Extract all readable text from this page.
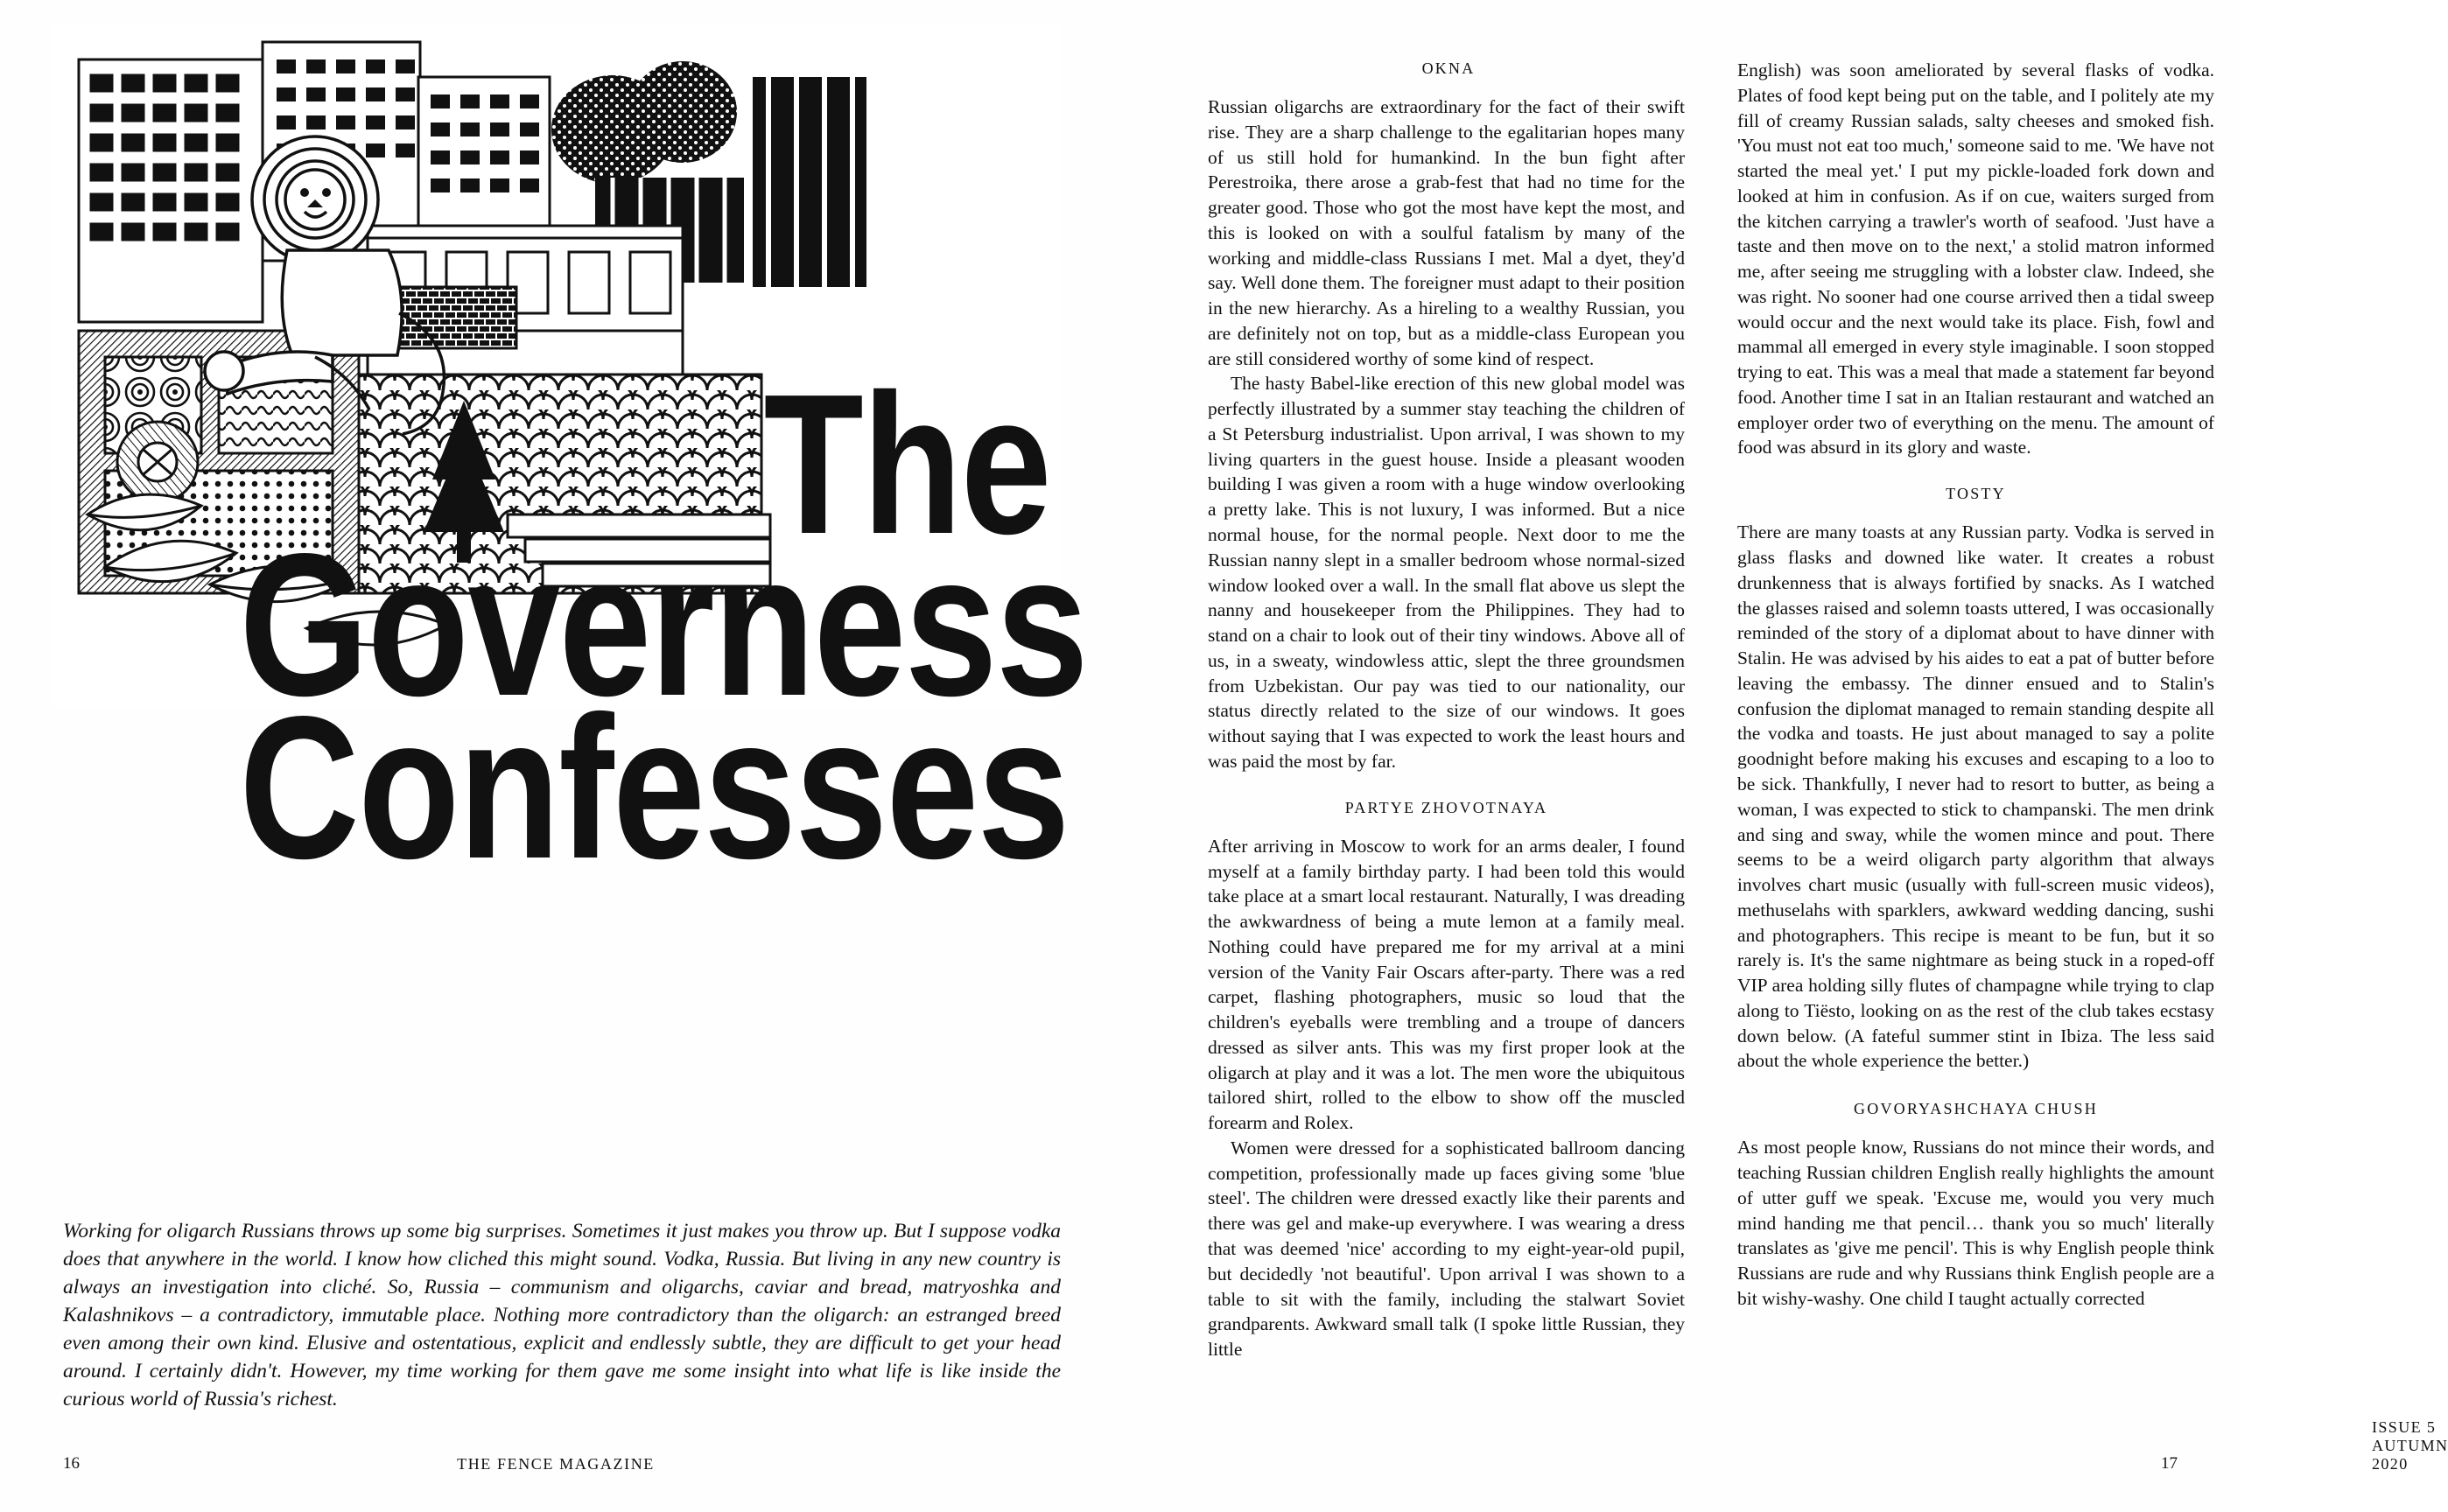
The
Governess
Confesses
Working for oligarch Russians throws up some big surprises. Sometimes it just makes you throw up. But I suppose vodka does that anywhere in the world. I know how cliched this might sound. Vodka, Russia. But living in any new country is always an investigation into cliché. So, Russia – communism and oligarchs, caviar and bread, matryoshka and Kalashnikovs – a contradictory, immutable place. Nothing more contradictory than the oligarch: an estranged breed even among their own kind. Elusive and ostentatious, explicit and endlessly subtle, they are difficult to get your head around. I certainly didn't. However, my time working for them gave me some insight into what life is like inside the curious world of Russia's richest.
16	THE FENCE MAGAZINE
OKNA

Russian oligarchs are extraordinary for the fact of their swift rise. They are a sharp challenge to the egalitarian hopes many of us still hold for humankind. In the bun fight after Perestroika, there arose a grab-fest that had no time for the greater good. Those who got the most have kept the most, and this is looked on with a soulful fatalism by many of the working and middle-class Russians I met. Mal a dyet, they'd say. Well done them. The foreigner must adapt to their position in the new hierarchy. As a hireling to a wealthy Russian, you are definitely not on top, but as a middle-class European you are still considered worthy of some kind of respect.

The hasty Babel-like erection of this new global model was perfectly illustrated by a summer stay teaching the children of a St Petersburg industrialist. Upon arrival, I was shown to my living quarters in the guest house. Inside a pleasant wooden building I was given a room with a huge window overlooking a pretty lake. This is not luxury, I was informed. But a nice normal house, for the normal people. Next door to me the Russian nanny slept in a smaller bedroom whose normal-sized window looked over a wall. In the small flat above us slept the nanny and housekeeper from the Philippines. They had to stand on a chair to look out of their tiny windows. Above all of us, in a sweaty, windowless attic, slept the three groundsmen from Uzbekistan. Our pay was tied to our nationality, our status directly related to the size of our windows. It goes without saying that I was expected to work the least hours and was paid the most by far.

PARTYE ZHOVOTNAYA

After arriving in Moscow to work for an arms dealer, I found myself at a family birthday party. I had been told this would take place at a smart local restaurant. Naturally, I was dreading the awkwardness of being a mute lemon at a family meal. Nothing could have prepared me for my arrival at a mini version of the Vanity Fair Oscars after-party. There was a red carpet, flashing photographers, music so loud that the children's eyeballs were trembling and a troupe of dancers dressed as silver ants. This was my first proper look at the oligarch at play and it was a lot. The men wore the ubiquitous tailored shirt, rolled to the elbow to show off the muscled forearm and Rolex.

Women were dressed for a sophisticated ballroom dancing competition, professionally made up faces giving some 'blue steel'. The children were dressed exactly like their parents and there was gel and make-up everywhere. I was wearing a dress that was deemed 'nice' according to my eight-year-old pupil, but decidedly 'not beautiful'. Upon arrival I was shown to a table to sit with the family, including the stalwart Soviet grandparents. Awkward small talk (I spoke little Russian, they little

English) was soon ameliorated by several flasks of vodka. Plates of food kept being put on the table, and I politely ate my fill of creamy Russian salads, salty cheeses and smoked fish. 'You must not eat too much,' someone said to me. 'We have not started the meal yet.' I put my pickle-loaded fork down and looked at him in confusion. As if on cue, waiters surged from the kitchen carrying a trawler's worth of seafood. 'Just have a taste and then move on to the next,' a stolid matron informed me, after seeing me struggling with a lobster claw. Indeed, she was right. No sooner had one course arrived then a tidal sweep would occur and the next would take its place. Fish, fowl and mammal all emerged in every style imaginable. I soon stopped trying to eat. This was a meal that made a statement far beyond food. Another time I sat in an Italian restaurant and watched an employer order two of everything on the menu. The amount of food was absurd in its glory and waste.

TOSTY

There are many toasts at any Russian party. Vodka is served in glass flasks and downed like water. It creates a robust drunkenness that is always fortified by snacks. As I watched the glasses raised and solemn toasts uttered, I was occasionally reminded of the story of a diplomat about to have dinner with Stalin. He was advised by his aides to eat a pat of butter before leaving the embassy. The dinner ensued and to Stalin's confusion the diplomat managed to remain standing despite all the vodka and toasts. He just about managed to say a polite goodnight before making his excuses and escaping to a loo to be sick. Thankfully, I never had to resort to butter, as being a woman, I was expected to stick to champanski. The men drink and sing and sway, while the women mince and pout. There seems to be a weird oligarch party algorithm that always involves chart music (usually with full-screen music videos), methuselahs with sparklers, awkward wedding dancing, sushi and photographers. This recipe is meant to be fun, but it so rarely is. It's the same nightmare as being stuck in a roped-off VIP area holding silly flutes of champagne while trying to clap along to Tiësto, looking on as the rest of the club takes ecstasy down below. (A fateful summer stint in Ibiza. The less said about the whole experience the better.)

GOVORYASHCHAYA CHUSH

As most people know, Russians do not mince their words, and teaching Russian children English really highlights the amount of utter guff we speak. 'Excuse me, would you very much mind handing me that pencil… thank you so much' literally translates as 'give me pencil'. This is why English people think Russians are rude and why Russians think English people are a bit wishy-washy. One child I taught actually corrected

ISSUE 5 AUTUMN 2020
17
